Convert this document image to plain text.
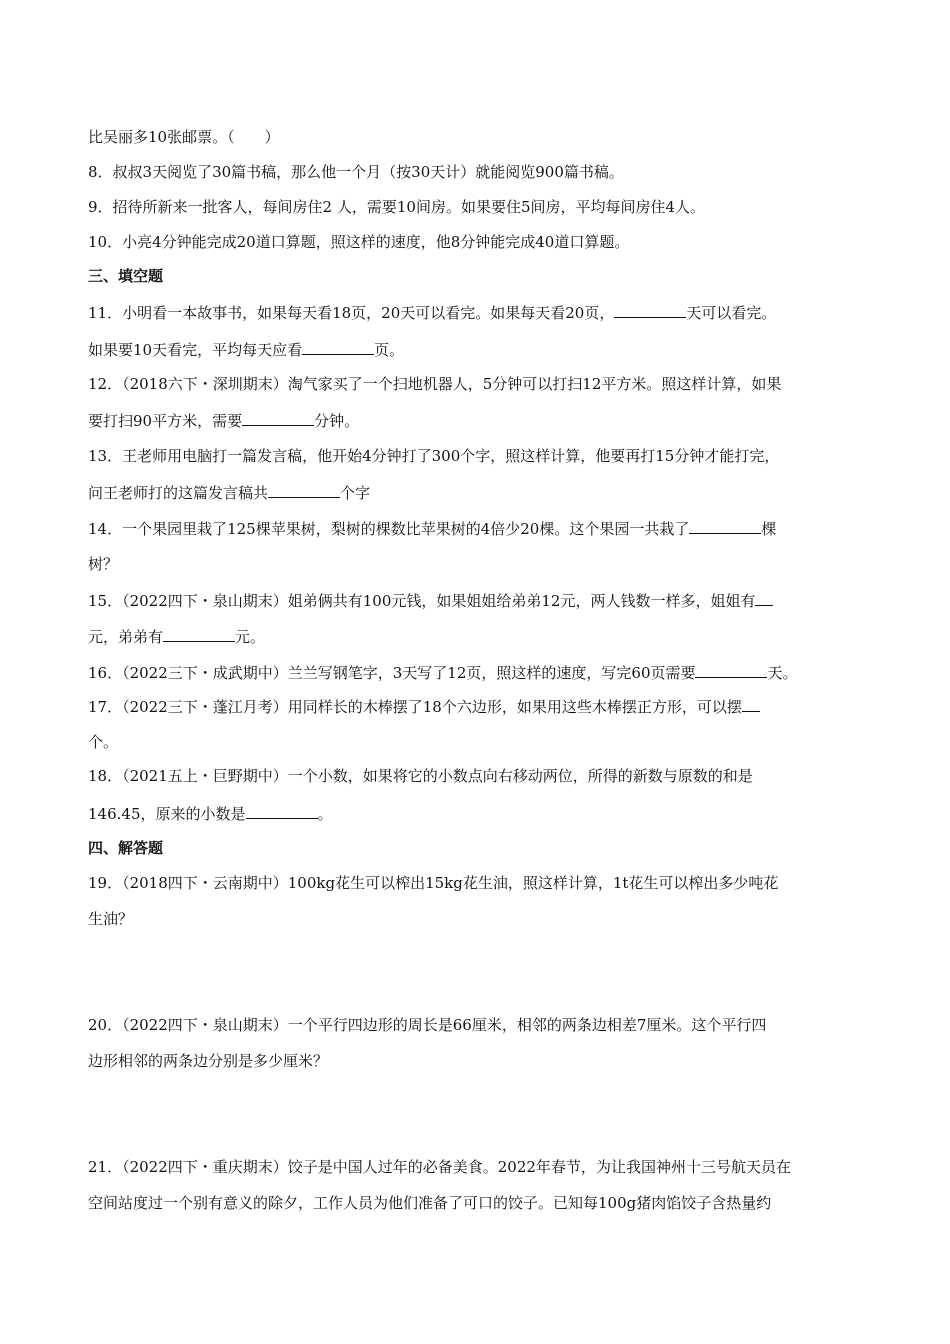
比吴丽多10张邮票。（　　）
8．叔叔3天阅览了30篇书稿，那么他一个月（按30天计）就能阅览900篇书稿。
9．招待所新来一批客人，每间房住2 人，需要10间房。如果要住5间房，平均每间房住4人。
10．小亮4分钟能完成20道口算题，照这样的速度，他8分钟能完成40道口算题。
三、填空题
11．小明看一本故事书，如果每天看18页，20天可以看完。如果每天看20页，	天可以看完。
如果要10天看完，平均每天应看	页。
12．（2018六下・深圳期末）淘气家买了一个扫地机器人，5分钟可以打扫12平方米。照这样计算，如果
要打扫90平方米，需要	分钟。
13．王老师用电脑打一篇发言稿，他开始4分钟打了300个字，照这样计算，他要再打15分钟才能打完，
问王老师打的这篇发言稿共	个字
14．一个果园里栽了125棵苹果树，梨树的棵数比苹果树的4倍少20棵。这个果园一共栽了	棵
树？
15．（2022四下・泉山期末）姐弟俩共有100元钱，如果姐姐给弟弟12元，两人钱数一样多，姐姐有
元，弟弟有	元。
16．（2022三下・成武期中）兰兰写钢笔字，3天写了12页，照这样的速度，写完60页需要	天。
17．（2022三下・蓬江月考）用同样长的木棒摆了18个六边形，如果用这些木棒摆正方形，可以摆
个。
18．（2021五上・巨野期中）一个小数，如果将它的小数点向右移动两位，所得的新数与原数的和是
146.45，原来的小数是	。
四、解答题
19．（2018四下・云南期中）100kg花生可以榨出15kg花生油，照这样计算，1t花生可以榨出多少吨花
生油？
20．（2022四下・泉山期末）一个平行四边形的周长是66厘米，相邻的两条边相差7厘米。这个平行四
边形相邻的两条边分别是多少厘米？
21．（2022四下・重庆期末）饺子是中国人过年的必备美食。2022年春节，为让我国神州十三号航天员在
空间站度过一个别有意义的除夕，工作人员为他们准备了可口的饺子。已知每100g猪肉馅饺子含热量约
